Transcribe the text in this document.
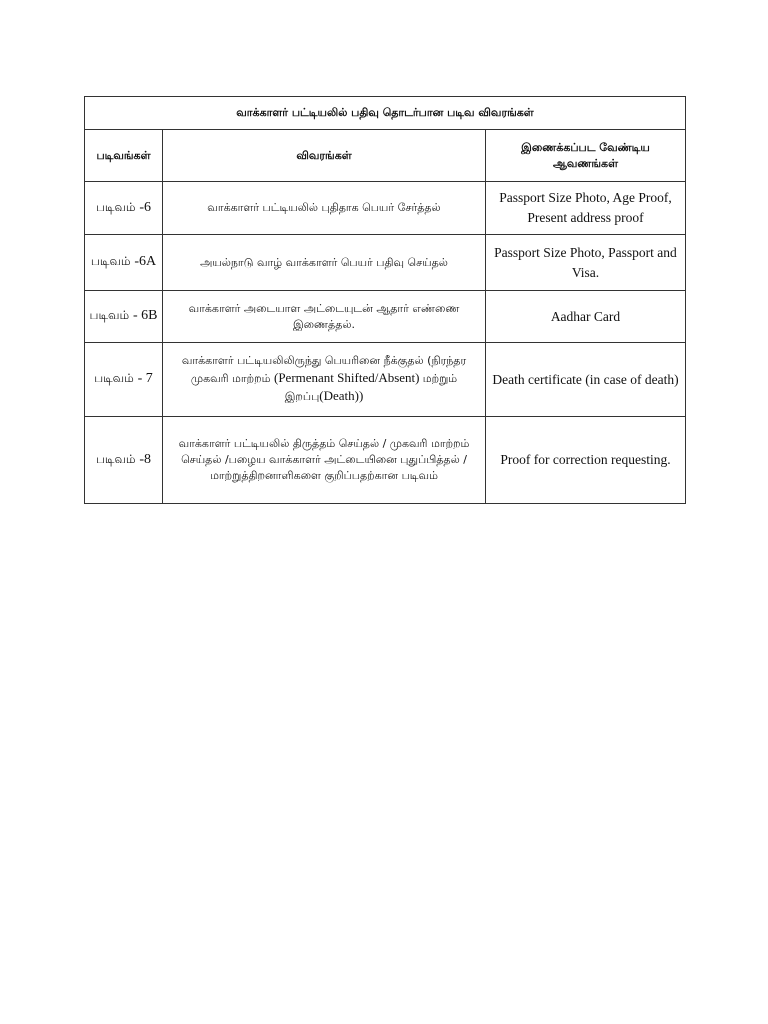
வாக்காளர் பட்டியலில் பதிவு தொடர்பான படிவ விவரங்கள்		
படிவங்கள்	விவரங்கள்	இணைக்கப்பட வேண்டிய
ஆவணங்கள்
படிவம் -6	வாக்காளர் பட்டியலில் புதிதாக பெயர் சேர்த்தல்	Passport Size Photo, Age Proof, Present address proof
படிவம் -6A	அயல்நாடு வாழ் வாக்காளர் பெயர் பதிவு செய்தல்	Passport Size Photo, Passport and Visa.
படிவம் - 6B	வாக்காளர் அடையாள அட்டையுடன் ஆதார் எண்ணை இணைத்தல்.	Aadhar Card
படிவம் - 7	வாக்காளர் பட்டியலிலிருந்து பெயரினை நீக்குதல் (நிரந்தர முகவரி மாற்றம் (Permenant Shifted/Absent) மற்றும் இறப்பு(Death))	Death certificate (in case of death)
படிவம் -8	வாக்காளர் பட்டியலில் திருத்தம் செய்தல் / முகவரி மாற்றம் செய்தல் /பழைய வாக்காளர் அட்டையினை புதுப்பித்தல் / மாற்றுத்திறனாளிகளை குறிப்பதற்கான படிவம்	Proof for correction requesting.
